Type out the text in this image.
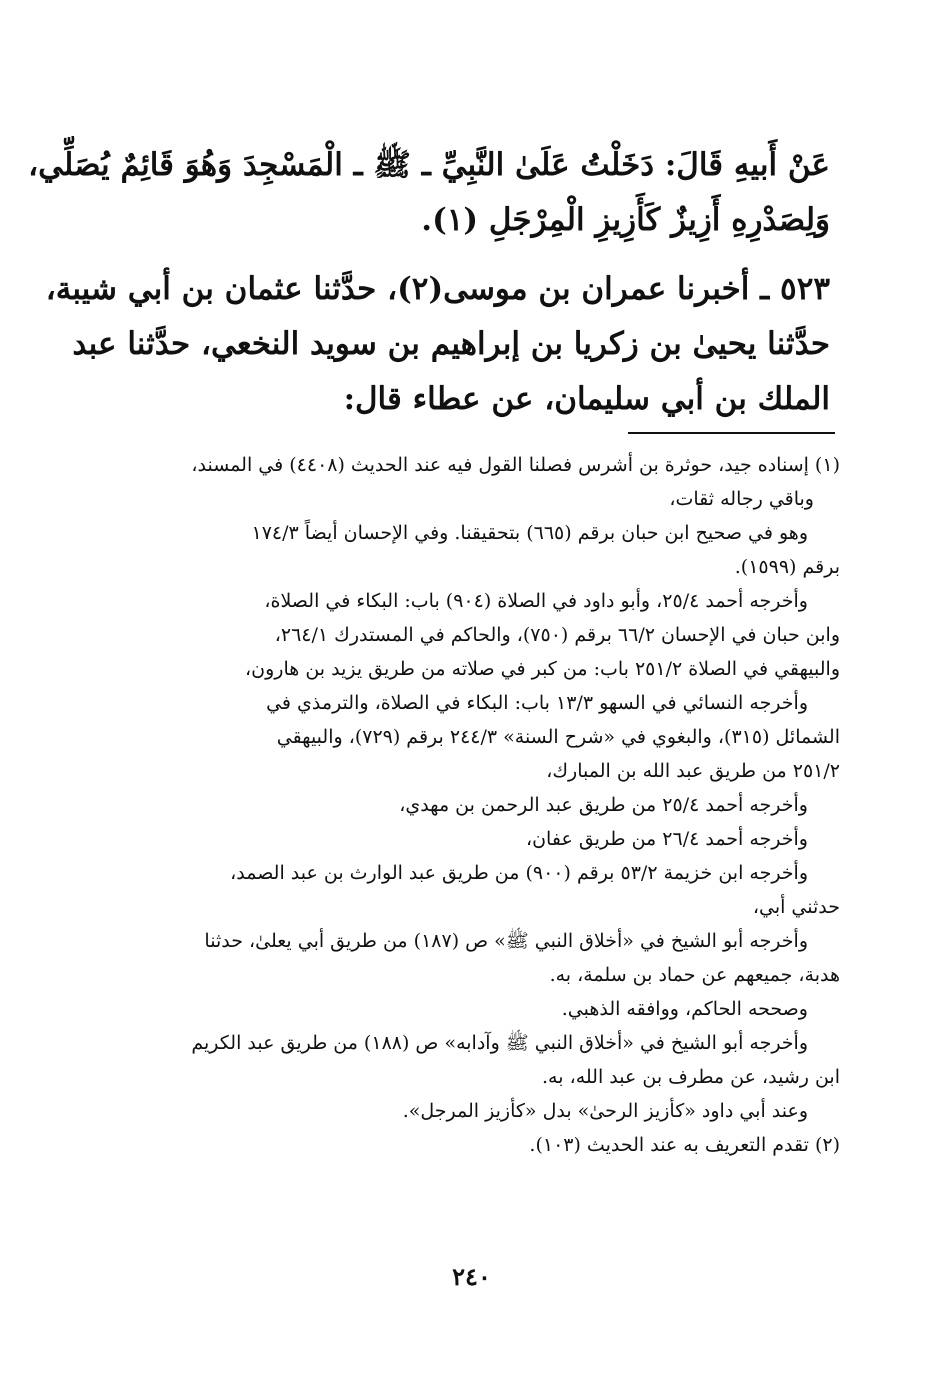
عَنْ أَبيهِ قَالَ: دَخَلْتُ عَلَىٰ النَّبِيِّ ـ ﷺ ـ الْمَسْجِدَ وَهُوَ قَائِمٌ يُصَلِّي،
وَلِصَدْرِهِ أَزِيزٌ كَأَزِيزِ الْمِرْجَلِ (١).
٥٢٣ ـ أخبرنا عمران بن موسى(٢)، حدَّثنا عثمان بن أبي شيبة،
حدَّثنا يحيىٰ بن زكريا بن إبراهيم بن سويد النخعي، حدَّثنا عبد
الملك بن أبي سليمان، عن عطاء قال:
(١) إسناده جيد، حوثرة بن أشرس فصلنا القول فيه عند الحديث (٤٤٠٨) في المسند،
وباقي رجاله ثقات،
وهو في صحيح ابن حبان برقم (٦٦٥) بتحقيقنا. وفي الإحسان أيضاً ١٧٤/٣
برقم (١٥٩٩).
وأخرجه أحمد ٢٥/٤، وأبو داود في الصلاة (٩٠٤) باب: البكاء في الصلاة،
وابن حبان في الإحسان ٦٦/٢ برقم (٧٥٠)، والحاكم في المستدرك ٢٦٤/١،
والبيهقي في الصلاة ٢٥١/٢ باب: من كبر في صلاته من طريق يزيد بن هارون،
وأخرجه النسائي في السهو ١٣/٣ باب: البكاء في الصلاة، والترمذي في
الشمائل (٣١٥)، والبغوي في «شرح السنة» ٢٤٤/٣ برقم (٧٢٩)، والبيهقي
٢٥١/٢ من طريق عبد الله بن المبارك،
وأخرجه أحمد ٢٥/٤ من طريق عبد الرحمن بن مهدي،
وأخرجه أحمد ٢٦/٤ من طريق عفان،
وأخرجه ابن خزيمة ٥٣/٢ برقم (٩٠٠) من طريق عبد الوارث بن عبد الصمد،
حدثني أبي،
وأخرجه أبو الشيخ في «أخلاق النبي ﷺ» ص (١٨٧) من طريق أبي يعلىٰ، حدثنا
هدبة، جميعهم عن حماد بن سلمة، به.
وصححه الحاكم، ووافقه الذهبي.
وأخرجه أبو الشيخ في «أخلاق النبي ﷺ وآدابه» ص (١٨٨) من طريق عبد الكريم
ابن رشيد، عن مطرف بن عبد الله، به.
وعند أبي داود «كأزيز الرحىٰ» بدل «كأزيز المرجل».
(٢) تقدم التعريف به عند الحديث (١٠٣).
٢٤٠
